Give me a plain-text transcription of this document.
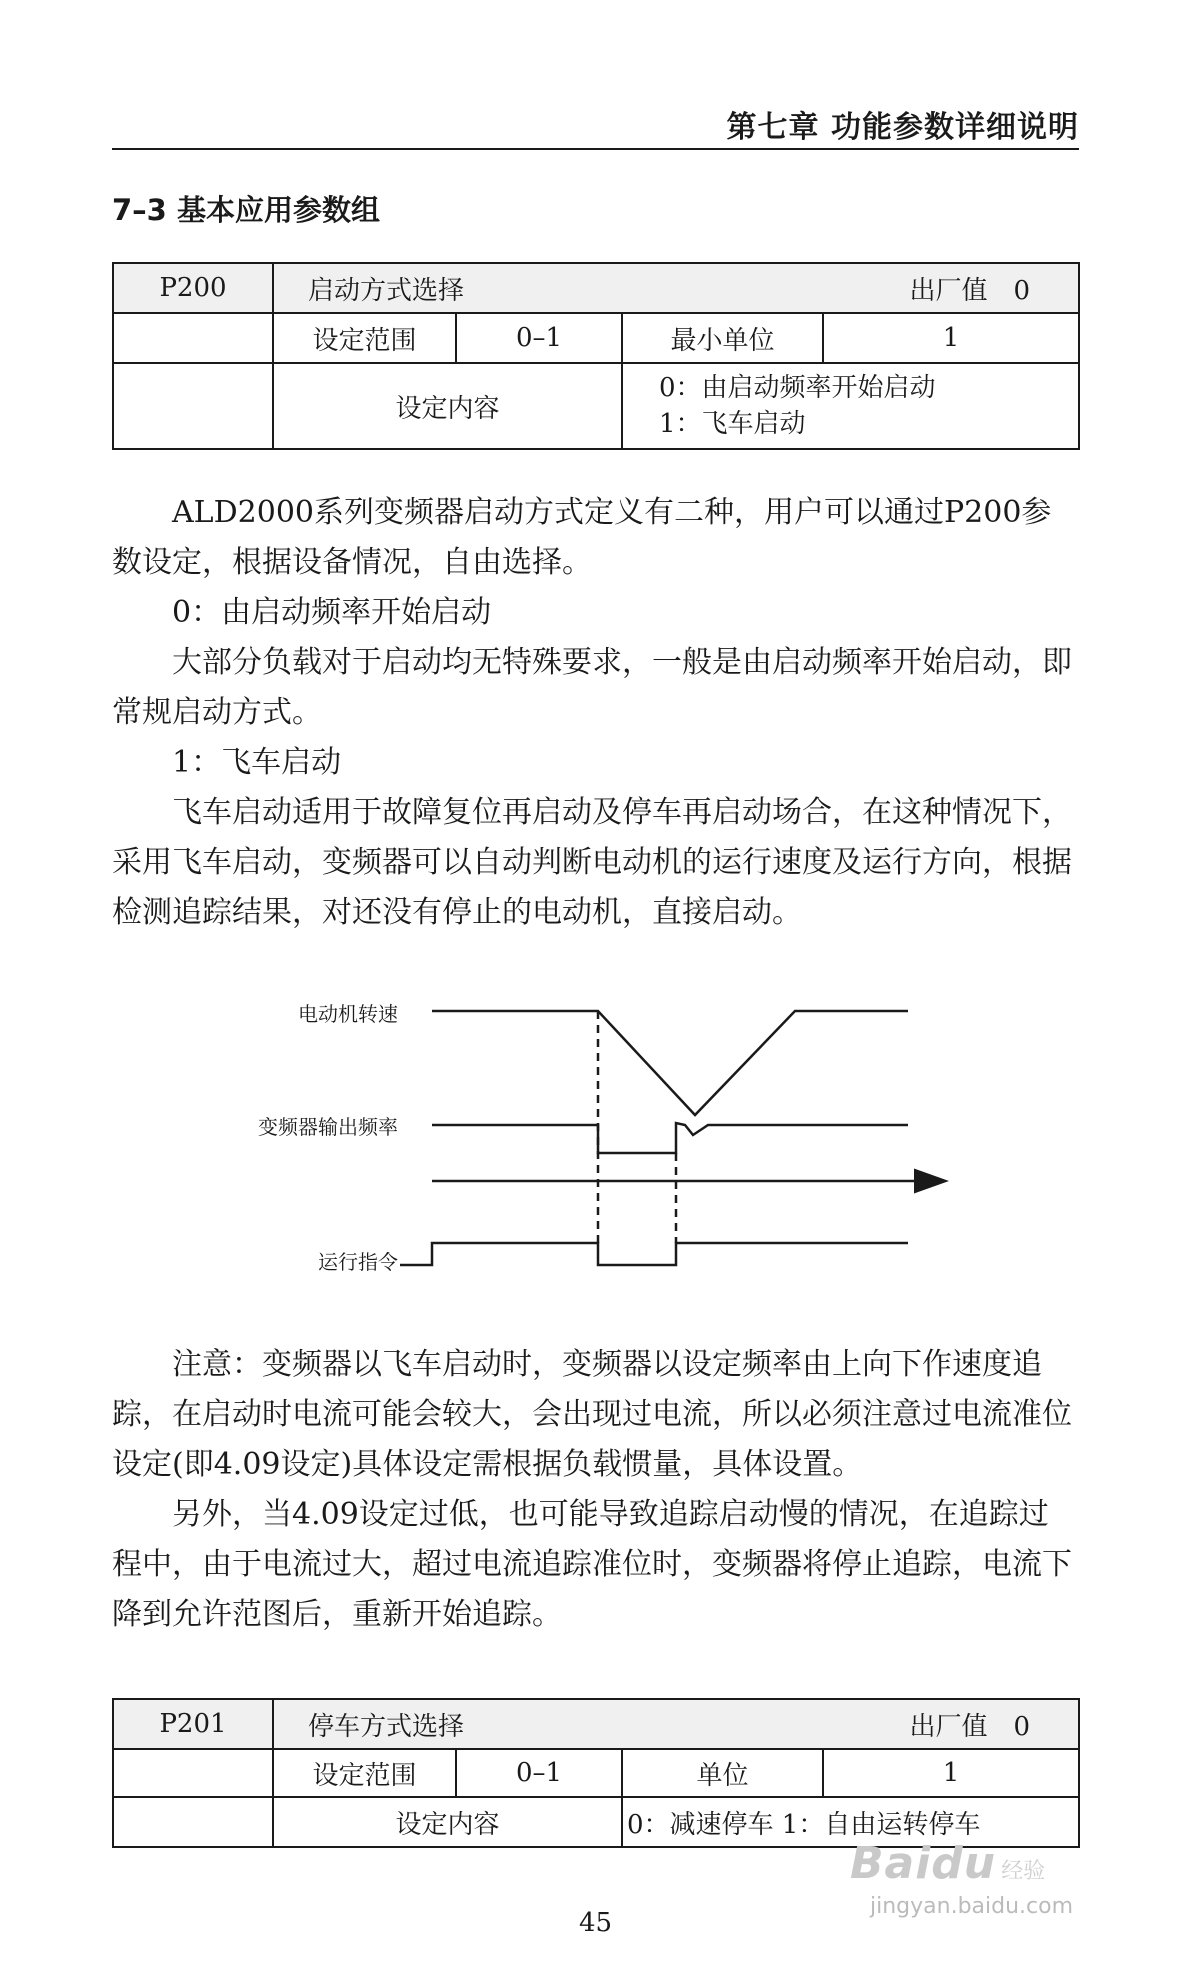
第七章 功能参数详细说明
7–3 基本应用参数组
P200	启动方式选择 出厂值　0			

	设定范围	0–1	最小单位	1
	设定内容		0：由启动频率开始启动
1：飞车启动	

ALD2000系列变频器启动方式定义有二种，用户可以通过P200参数设定，根据设备情况，自由选择。

0：由启动频率开始启动

大部分负载对于启动均无特殊要求，一般是由启动频率开始启动，即常规启动方式。

1：飞车启动

飞车启动适用于故障复位再启动及停车再启动场合，在这种情况下，采用飞车启动，变频器可以自动判断电动机的运行速度及运行方向，根据检测追踪结果，对还没有停止的电动机，直接启动。

电动机转速
变频器输出频率
运行指令

注意：变频器以飞车启动时，变频器以设定频率由上向下作速度追踪，在启动时电流可能会较大，会出现过电流，所以必须注意过电流准位设定(即4.09设定)具体设定需根据负载惯量，具体设置。

另外，当4.09设定过低，也可能导致追踪启动慢的情况，在追踪过程中，由于电流过大，超过电流追踪准位时，变频器将停止追踪，电流下降到允许范图后，重新开始追踪。

P201	停车方式选择 出厂值　0			

	设定范围	0–1	单位	1
	设定内容		0：减速停车 1：自由运转停车	
45
Baidu 经验
jingyan.baidu.com
